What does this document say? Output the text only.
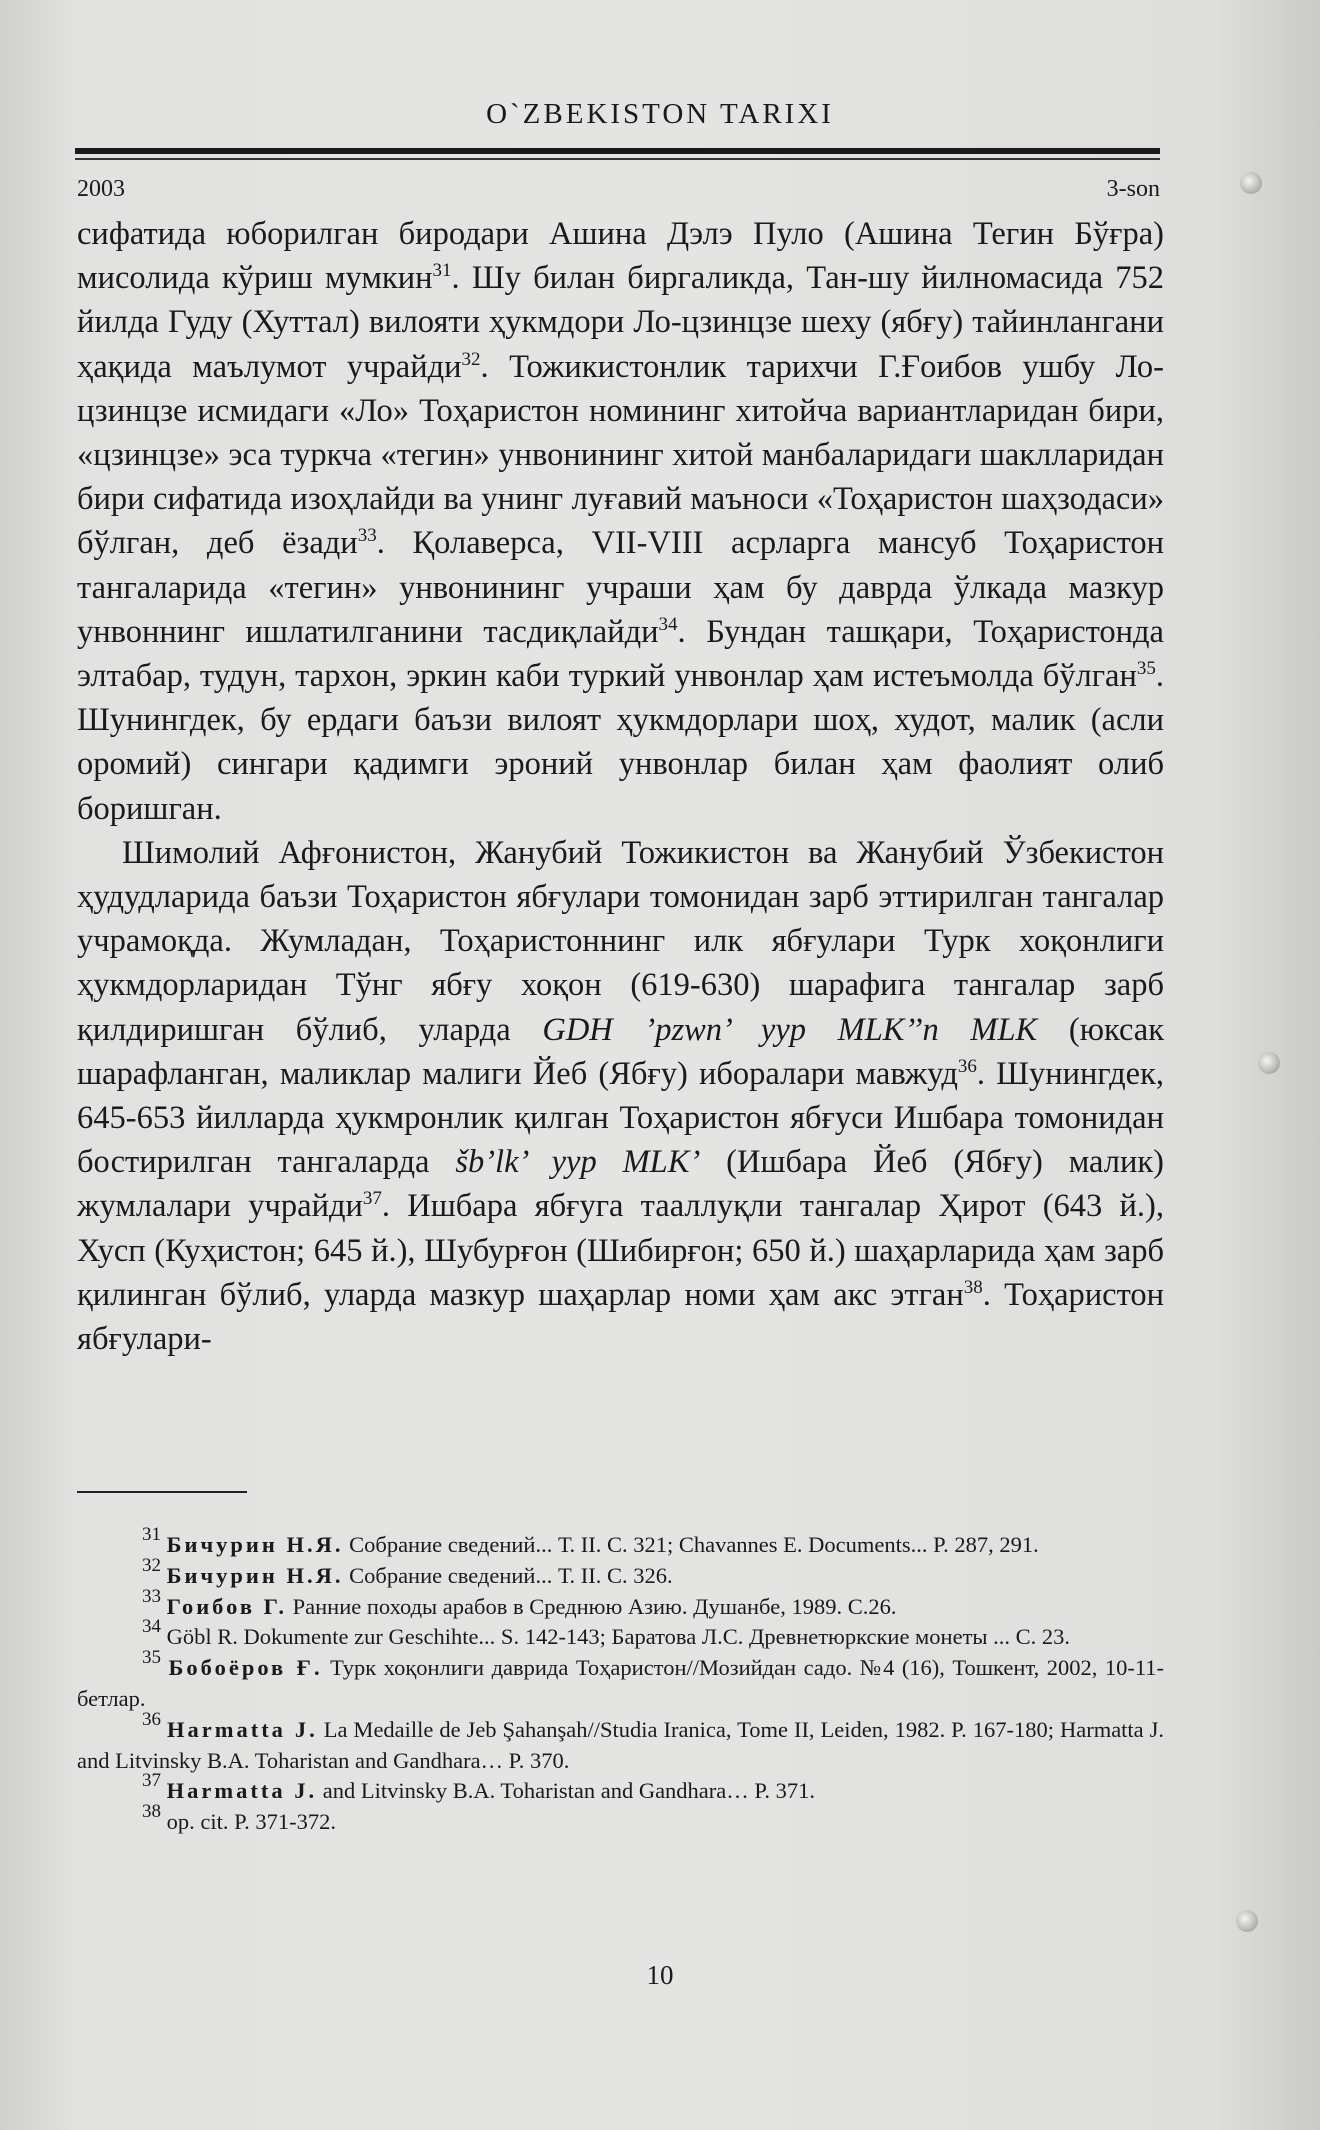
O`ZBEKISTON TARIXI
2003	3-son

сифатида юборилган биродари Ашина Дэлэ Пуло (Ашина Тегин Бўғра) мисолида кўриш мумкин$^{31}$. Шу билан биргаликда, Тан-шу йилномасида 752 йилда Гуду (Хуттал) вилояти ҳукмдори Ло-цзинцзе шеху (ябғу) тайинлангани ҳақида маълумот учрайди$^{32}$. Тожикистонлик тарихчи Г.Ғоибов ушбу Ло-цзинцзе исмидаги «Ло» Тоҳаристон номининг хитойча вариантларидан бири, «цзинцзе» эса туркча «тегин» унвонининг хитой манбаларидаги шаклларидан бири сифатида изоҳлайди ва унинг луғавий маъноси «Тоҳаристон шаҳзодаси» бўлган, деб ёзади$^{33}$. Қолаверса, VII-VIII асрларга мансуб Тоҳаристон тангаларида «тегин» унвонининг учраши ҳам бу даврда ўлкада мазкур унвоннинг ишлатилганини тасдиқлайди$^{34}$. Бундан ташқари, Тоҳаристонда элтабар, тудун, тархон, эркин каби туркий унвонлар ҳам истеъмолда бўлган$^{35}$. Шунингдек, бу ердаги баъзи вилоят ҳукмдорлари шоҳ, худот, малик (асли оромий) сингари қадимги эроний унвонлар билан ҳам фаолият олиб боришган.

Шимолий Афғонистон, Жанубий Тожикистон ва Жанубий Ўзбекистон ҳудудларида баъзи Тоҳаристон ябғулари томонидан зарб эттирилган тангалар учрамоқда. Жумладан, Тоҳаристоннинг илк ябғулари Турк хоқонлиги ҳукмдорларидан Тўнг ябғу хоқон (619-630) шарафига тангалар зарб қилдиришган бўлиб, уларда GDH ’pzwn’ yyp MLK’’n MLK (юксак шарафланган, маликлар малиги Йеб (Ябғу) иборалари мавжуд$^{36}$. Шунингдек, 645-653 йилларда ҳукмронлик қилган Тоҳаристон ябғуси Ишбара томонидан бостирилган тангаларда šb’lk’ yyp MLK’ (Ишбара Йеб (Ябғу) малик) жумлалари учрайди$^{37}$. Ишбара ябғуга тааллуқли тангалар Ҳирот (643 й.), Хусп (Куҳистон; 645 й.), Шубурғон (Шибирғон; 650 й.) шаҳарларида ҳам зарб қилинган бўлиб, уларда мазкур шаҳарлар номи ҳам акс этган$^{38}$. Тоҳаристон ябғулари-

$^{31}$ Бичурин Н.Я. Собрание сведений... Т. II. С. 321; Chavannes E. Documents... P. 287, 291.

$^{32}$ Бичурин Н.Я. Собрание сведений... Т. II. С. 326.

$^{33}$ Гоибов Г. Ранние походы арабов в Среднюю Азию. Душанбе, 1989. С.26.

$^{34}$ Göbl R. Dokumente zur Geschihte... S. 142-143; Баратова Л.С. Древнетюркские монеты ... С. 23.

$^{35}$ Бобоёров Ғ. Турк хоқонлиги даврида Тоҳаристон//Мозийдан садо. №4 (16), Тошкент, 2002, 10-11-бетлар.

$^{36}$ Harmatta J. La Medaille de Jeb Şahanşah//Studia Iranica, Tome II, Leiden, 1982. P. 167-180; Harmatta J. and Litvinsky B.A. Toharistan and Gandhara… P. 370.

$^{37}$ Harmatta J. and Litvinsky B.A. Toharistan and Gandhara… P. 371.

$^{38}$ op. cit. P. 371-372.

10
